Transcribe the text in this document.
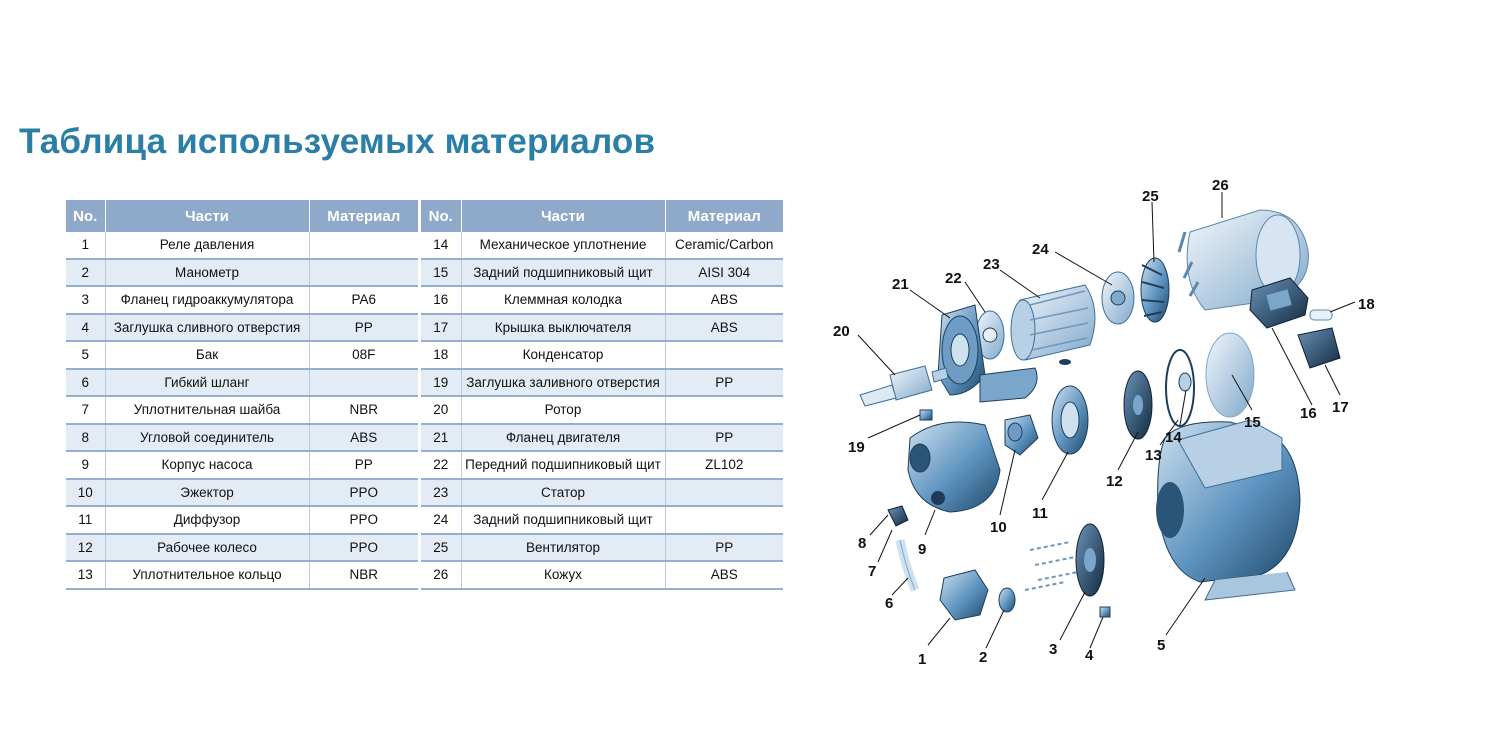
Таблица используемых материалов
No.	Части	Материал
1	Реле давления	
2	Манометр	
3	Фланец гидроаккумулятора	PA6
4	Заглушка сливного отверстия	PP
5	Бак	08F
6	Гибкий шланг	
7	Уплотнительная шайба	NBR
8	Угловой соединитель	ABS
9	Корпус насоса	PP
10	Эжектор	PPO
11	Диффузор	PPO
12	Рабочее колесо	PPO
13	Уплотнительное кольцо	NBR
No.	Части	Материал
14	Механическое уплотнение	Ceramic/Carbon
15	Задний подшипниковый щит	AISI 304
16	Клеммная колодка	ABS
17	Крышка выключателя	ABS
18	Конденсатор	
19	Заглушка заливного отверстия	PP
20	Ротор	
21	Фланец двигателя	PP
22	Передний подшипниковый щит	ZL102
23	Статор	
24	Задний подшипниковый щит	
25	Вентилятор	PP
26	Кожух	ABS
1	2	3 4
5
6
7
8	9
10
11
12
13
14
15
16 17
18
19
20
21 22
23
24
25
26
